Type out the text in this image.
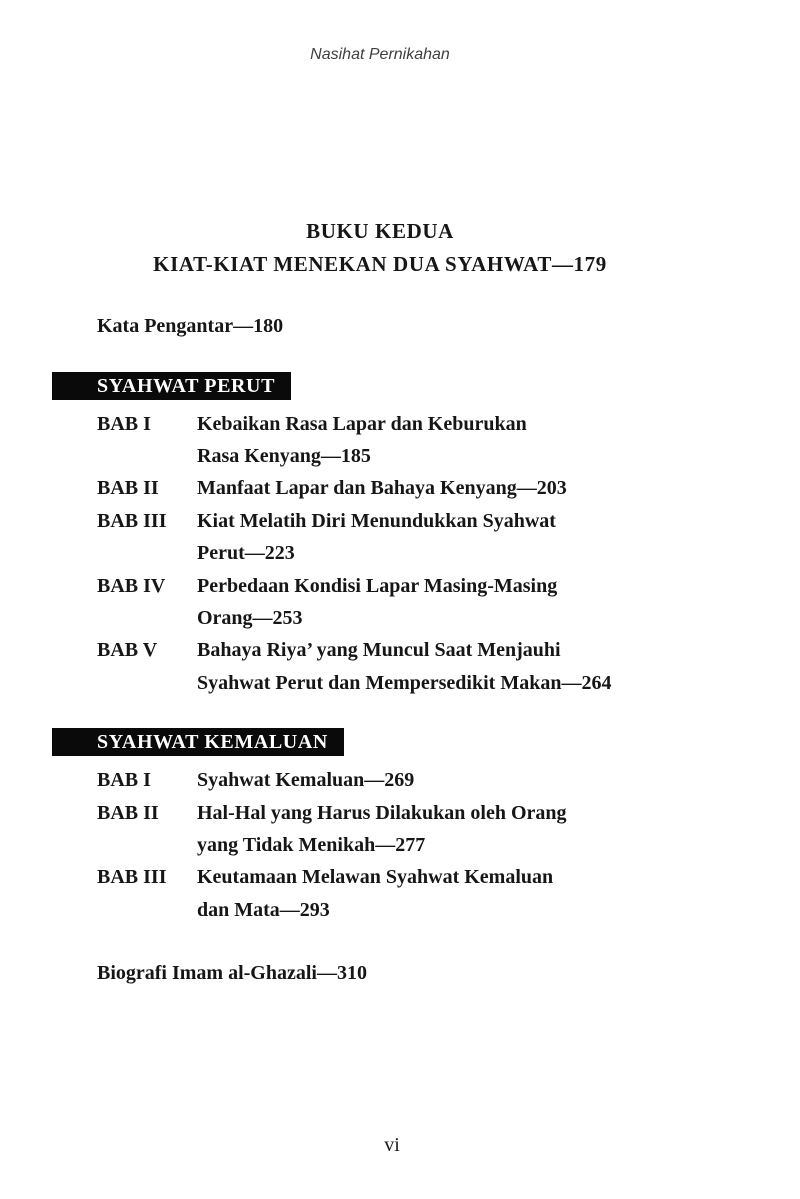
Nasihat Pernikahan
BUKU KEDUA
KIAT-KIAT MENEKAN DUA SYAHWAT—179
Kata Pengantar—180
SYAHWAT PERUT
BAB I	Kebaikan Rasa Lapar dan Keburukan
Rasa Kenyang—185
BAB II	Manfaat Lapar dan Bahaya Kenyang—203
BAB III	Kiat Melatih Diri Menundukkan Syahwat
Perut—223
BAB IV	Perbedaan Kondisi Lapar Masing-Masing
Orang—253
BAB V	Bahaya Riya’ yang Muncul Saat Menjauhi
Syahwat Perut dan Mempersedikit Makan—264
SYAHWAT KEMALUAN
BAB I	Syahwat Kemaluan—269
BAB II	Hal-Hal yang Harus Dilakukan oleh Orang
yang Tidak Menikah—277
BAB III	Keutamaan Melawan Syahwat Kemaluan
dan Mata—293
Biografi Imam al-Ghazali—310
vi
